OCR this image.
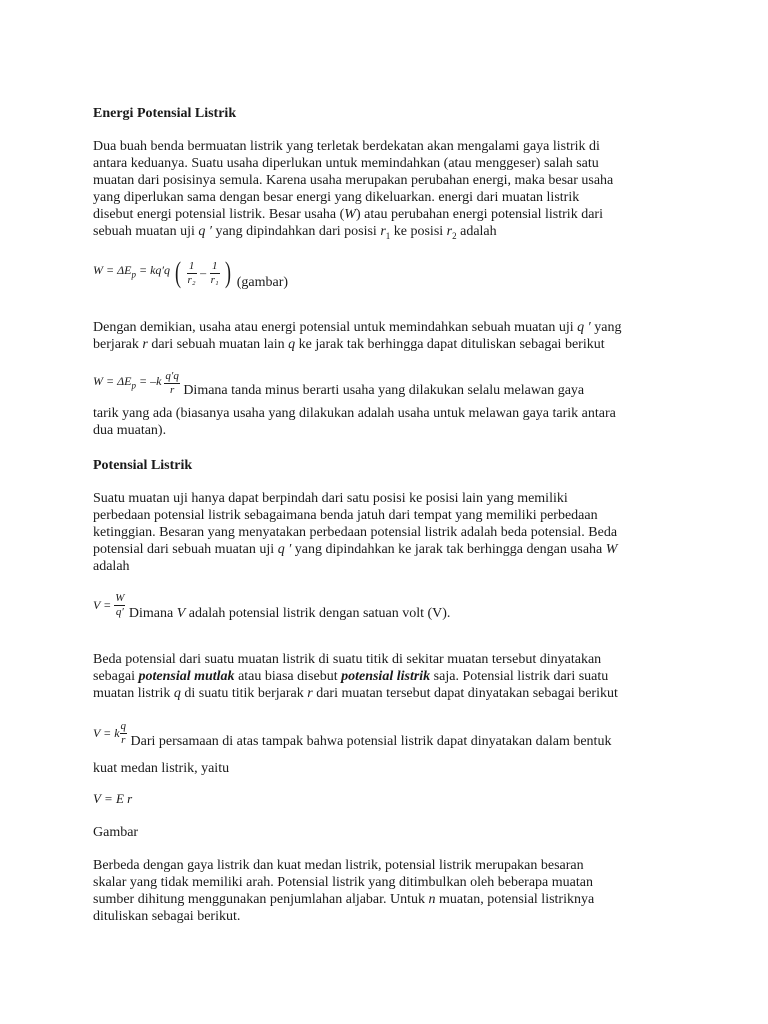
Energi Potensial Listrik
Dua buah benda bermuatan listrik yang terletak berdekatan akan mengalami gaya listrik di
antara keduanya. Suatu usaha diperlukan untuk memindahkan (atau menggeser) salah satu
muatan dari posisinya semula. Karena usaha merupakan perubahan energi, maka besar usaha
yang diperlukan sama dengan besar energi yang dikeluarkan. energi dari muatan listrik
disebut energi potensial listrik. Besar usaha (W) atau perubahan energi potensial listrik dari
sebuah muatan uji q ′ yang dipindahkan dari posisi $r_1$ ke posisi $r_2$ adalah
$W = \Delta E_p = kq'q$ ( $\frac{1}{\text{r₂}} - \frac{1}{\text{r₁}}$ ) (gambar)
Dengan demikian, usaha atau energi potensial untuk memindahkan sebuah muatan uji q ′ yang
berjarak r dari sebuah muatan lain q ke jarak tak berhingga dapat dituliskan sebagai berikut
$W = \Delta E_p = -k \frac{q'q}{r}$ Dimana tanda minus berarti usaha yang dilakukan selalu melawan gaya
tarik yang ada (biasanya usaha yang dilakukan adalah usaha untuk melawan gaya tarik antara
dua muatan).
Potensial Listrik
Suatu muatan uji hanya dapat berpindah dari satu posisi ke posisi lain yang memiliki
perbedaan potensial listrik sebagaimana benda jatuh dari tempat yang memiliki perbedaan
ketinggian. Besaran yang menyatakan perbedaan potensial listrik adalah beda potensial. Beda
potensial dari sebuah muatan uji q ′ yang dipindahkan ke jarak tak berhingga dengan usaha W
adalah
$V = \frac{W}{q'}$ Dimana V adalah potensial listrik dengan satuan volt (V).
Beda potensial dari suatu muatan listrik di suatu titik di sekitar muatan tersebut dinyatakan
sebagai potensial mutlak atau biasa disebut potensial listrik saja. Potensial listrik dari suatu
muatan listrik q di suatu titik berjarak r dari muatan tersebut dapat dinyatakan sebagai berikut
V = k $\frac{q}{r}$ Dari persamaan di atas tampak bahwa potensial listrik dapat dinyatakan dalam bentuk
kuat medan listrik, yaitu
V = E r
Gambar
Berbeda dengan gaya listrik dan kuat medan listrik, potensial listrik merupakan besaran
skalar yang tidak memiliki arah. Potensial listrik yang ditimbulkan oleh beberapa muatan
sumber dihitung menggunakan penjumlahan aljabar. Untuk n muatan, potensial listriknya
dituliskan sebagai berikut.
